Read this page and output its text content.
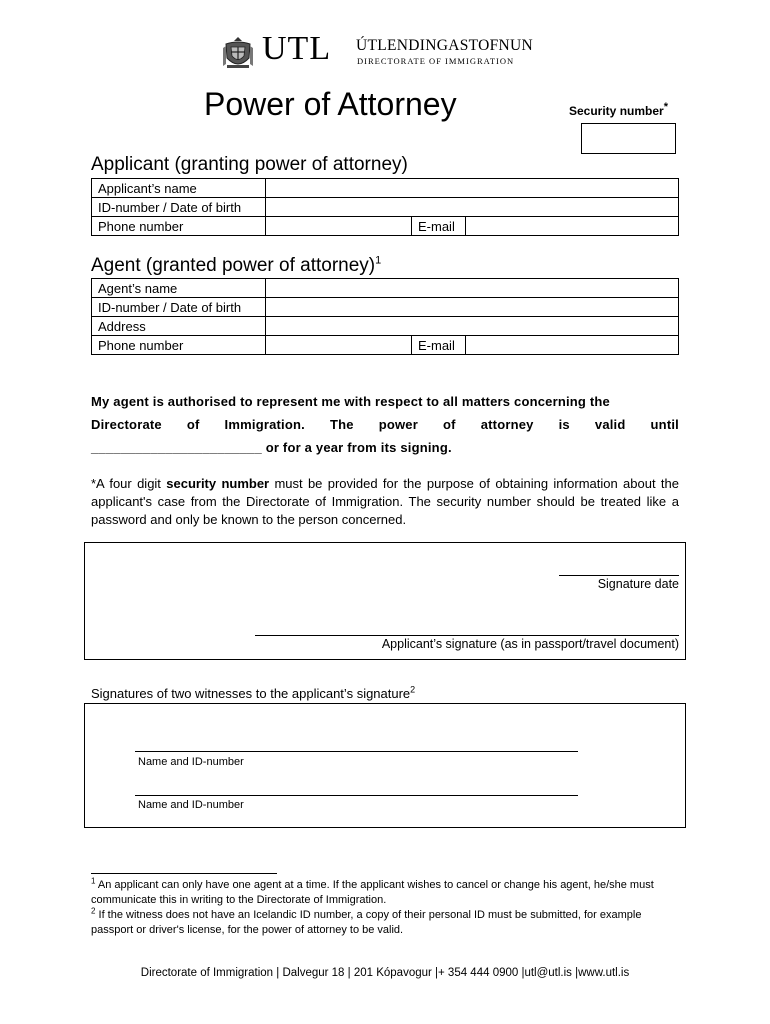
UTL ÚTLENDINGASTOFNUN
DIRECTORATE OF IMMIGRATION
Power of Attorney	Security number*
Applicant (granting power of attorney)
Applicant’s name			
ID-number / Date of birth			
Phone number		E-mail	
Agent (granted power of attorney)$^1$
Agent’s name			
ID-number / Date of birth			
Address			
Phone number		E-mail	
My agent is authorised to represent me with respect to all matters concerning the
Directorate of Immigration. The power of attorney is valid until
_______________________ or for a year from its signing.
*A four digit security number must be provided for the purpose of obtaining information about the applicant's case from the Directorate of Immigration. The security number should be treated like a password and only be known to the person concerned.
Signature date
Applicant’s signature (as in passport/travel document)
Signatures of two witnesses to the applicant’s signature$^2$
Name and ID-number
Name and ID-number
$^1$ An applicant can only have one agent at a time. If the applicant wishes to cancel or change his agent, he/she must communicate this in writing to the Directorate of Immigration.
$^2$ If the witness does not have an Icelandic ID number, a copy of their personal ID must be submitted, for example passport or driver's license, for the power of attorney to be valid.
Directorate of Immigration | Dalvegur 18 | 201 Kópavogur |+ 354 444 0900 |utl@utl.is |www.utl.is
